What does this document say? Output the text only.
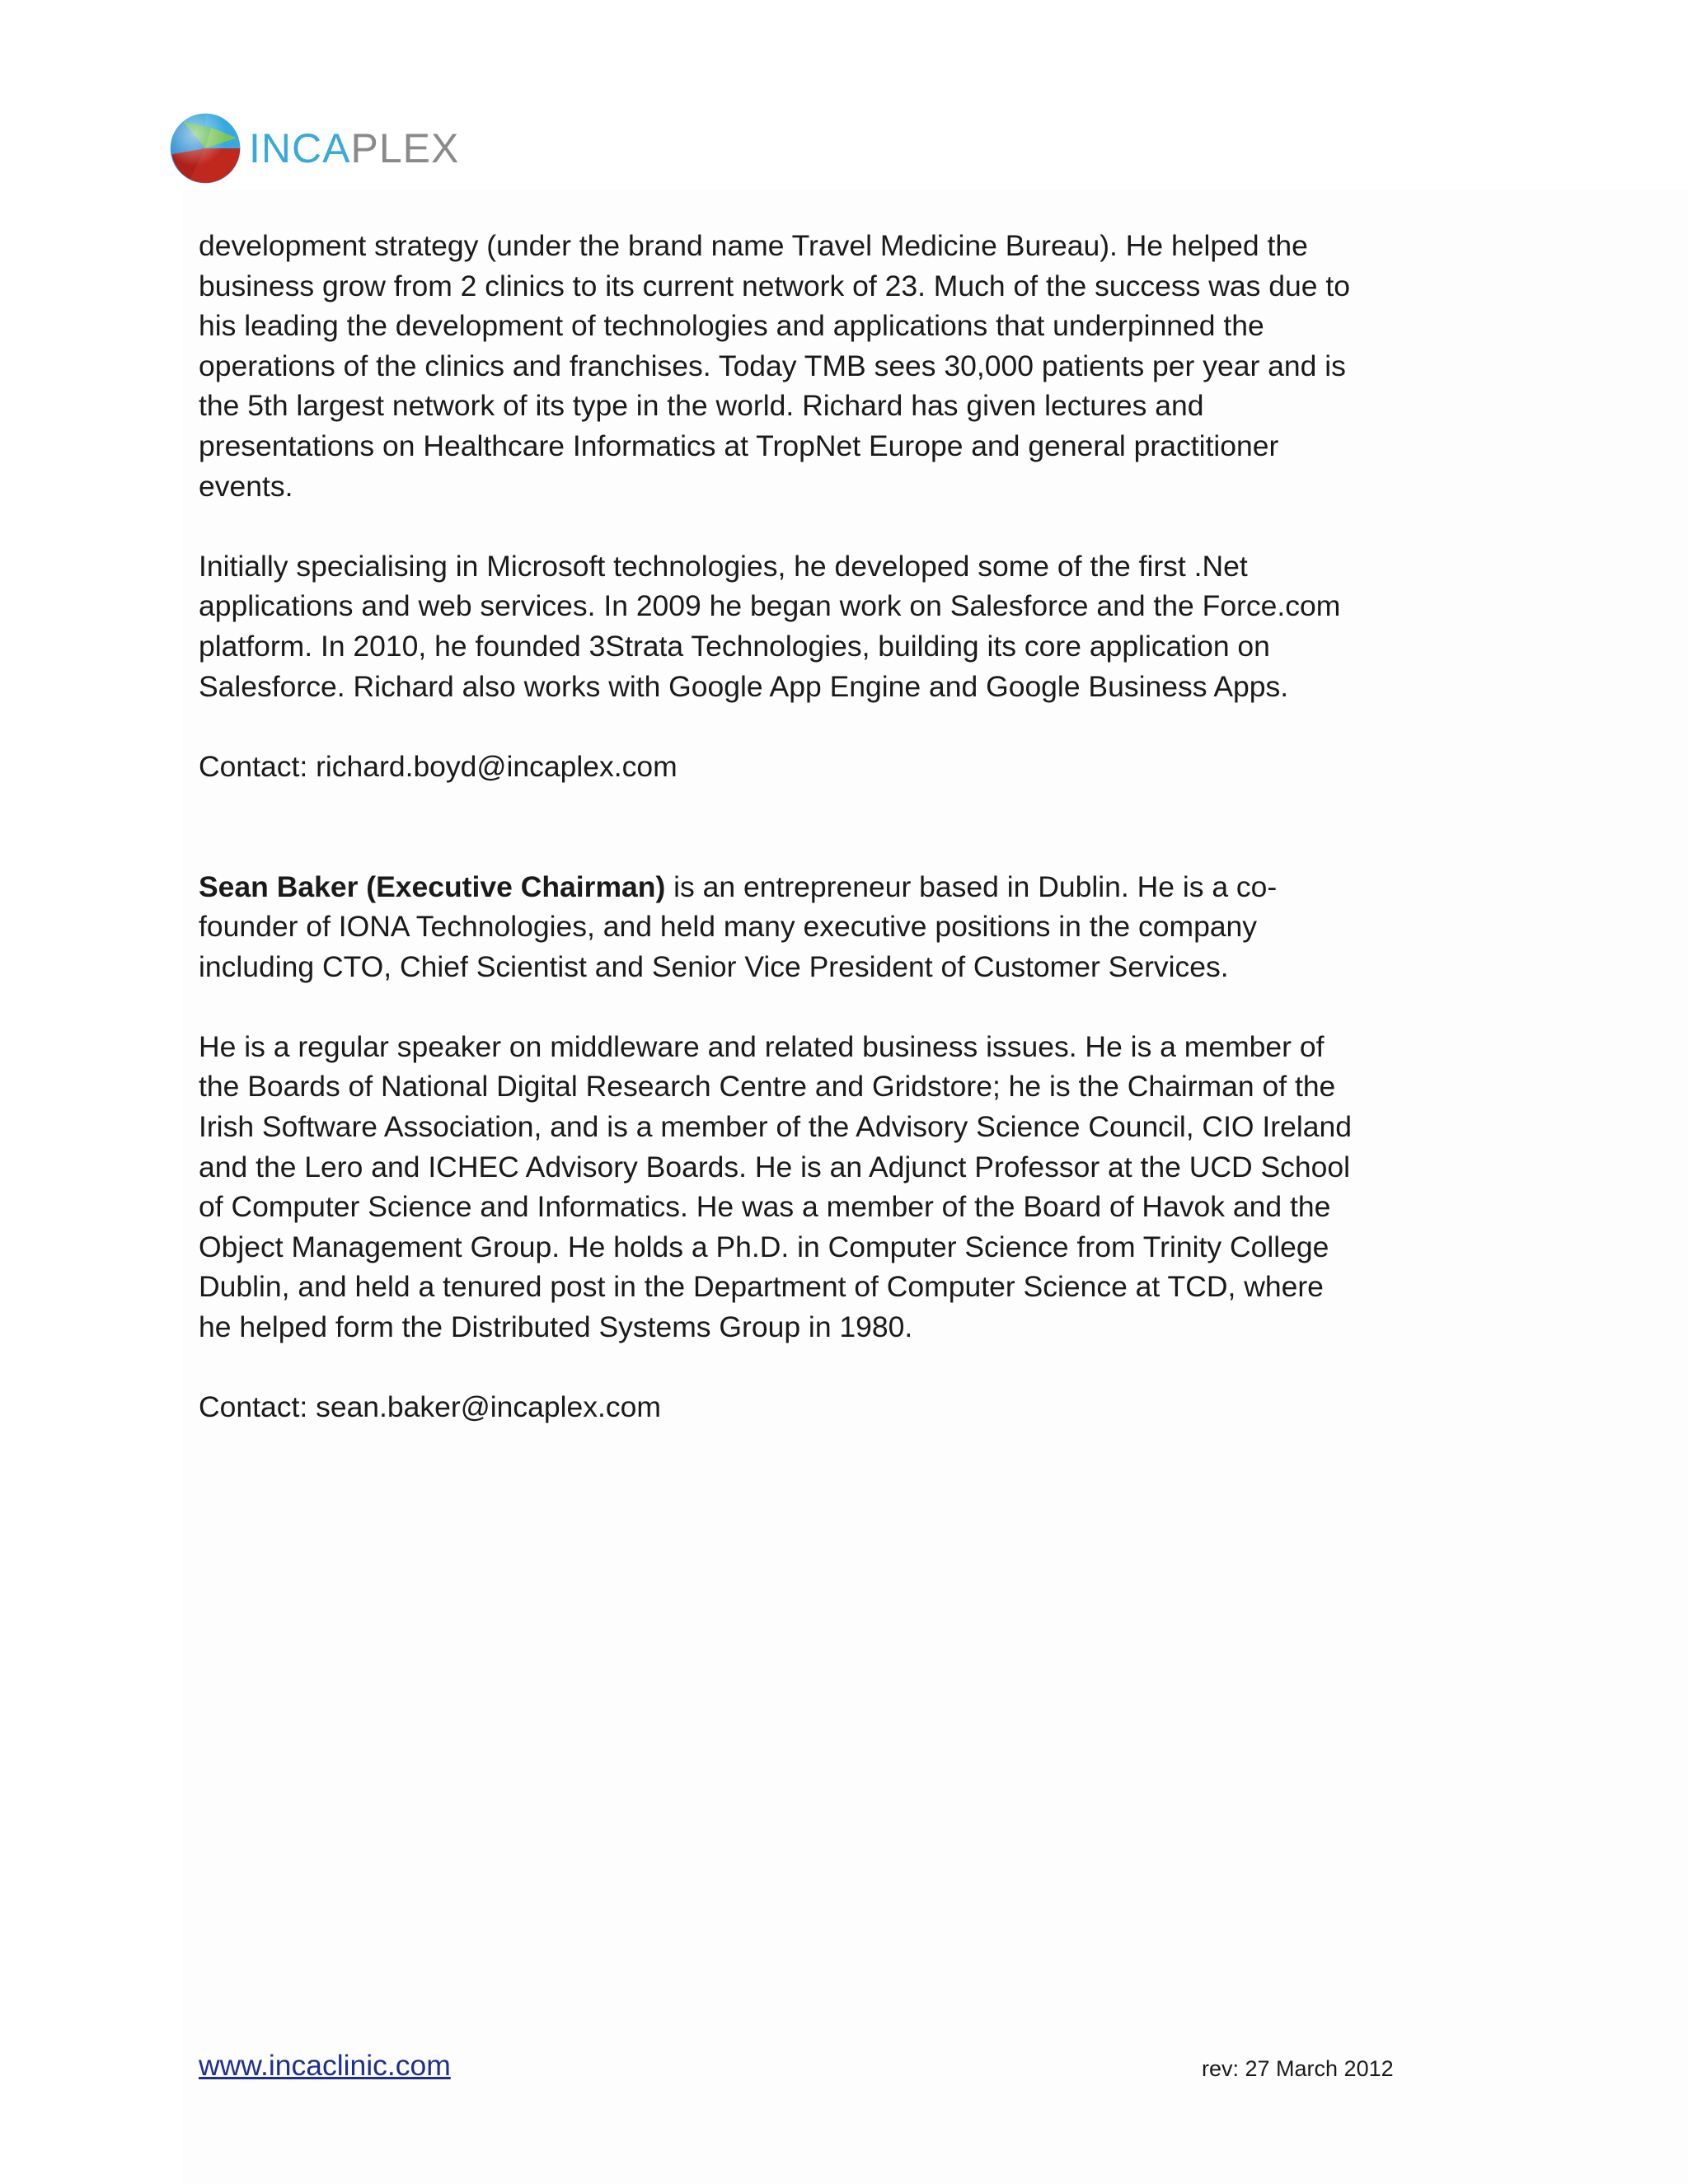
INCAPLEX

development strategy (under the brand name Travel Medicine Bureau). He helped the business grow from 2 clinics to its current network of 23. Much of the success was due to his leading the development of technologies and applications that underpinned the operations of the clinics and franchises. Today TMB sees 30,000 patients per year and is the 5th largest network of its type in the world. Richard has given lectures and presentations on Healthcare Informatics at TropNet Europe and general practitioner events.

Initially specialising in Microsoft technologies, he developed some of the first .Net applications and web services. In 2009 he began work on Salesforce and the Force.com platform. In 2010, he founded 3Strata Technologies, building its core application on Salesforce. Richard also works with Google App Engine and Google Business Apps.

Contact: richard.boyd@incaplex.com

Sean Baker (Executive Chairman) is an entrepreneur based in Dublin. He is a co-founder of IONA Technologies, and held many executive positions in the company including CTO, Chief Scientist and Senior Vice President of Customer Services.

He is a regular speaker on middleware and related business issues. He is a member of the Boards of National Digital Research Centre and Gridstore; he is the Chairman of the Irish Software Association, and is a member of the Advisory Science Council, CIO Ireland and the Lero and ICHEC Advisory Boards. He is an Adjunct Professor at the UCD School of Computer Science and Informatics. He was a member of the Board of Havok and the Object Management Group. He holds a Ph.D. in Computer Science from Trinity College Dublin, and held a tenured post in the Department of Computer Science at TCD, where he helped form the Distributed Systems Group in 1980.

Contact: sean.baker@incaplex.com

www.incaclinic.com	rev: 27 March 2012
